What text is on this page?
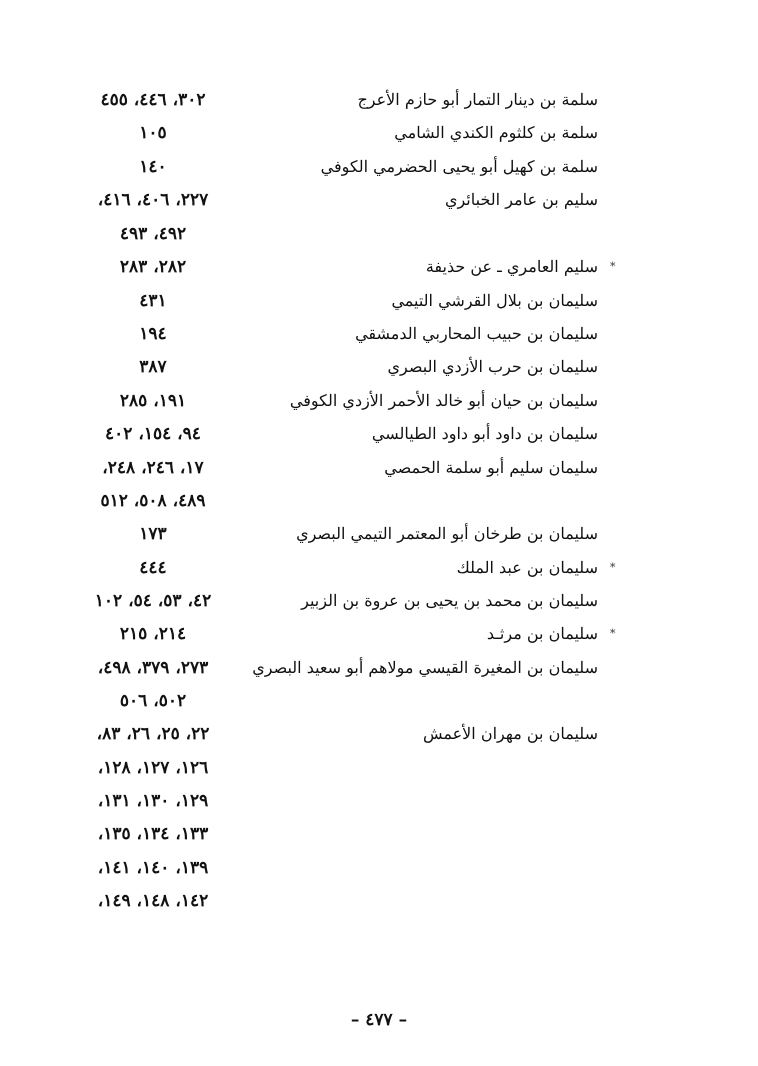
سلمة بن دينار التمار أبو حازم الأعرج
٣٠٢، ٤٤٦، ٤٥٥
سلمة بن كلثوم الكندي الشامي
١٠٥
سلمة بن كهيل أبو يحيى الحضرمي الكوفي
١٤٠
سليم بن عامر الخبائري
٢٢٧، ٤٠٦، ٤١٦،
٤٩٢، ٤٩٣
*
سليم العامري ـ عن حذيفة
٢٨٢، ٢٨٣
سليمان بن بلال القرشي التيمي
٤٣١
سليمان بن حبيب المحاربي الدمشقي
١٩٤
سليمان بن حرب الأزدي البصري
٣٨٧
سليمان بن حيان أبو خالد الأحمر الأزدي الكوفي
١٩١، ٢٨٥
سليمان بن داود أبو داود الطيالسي
٩٤، ١٥٤، ٤٠٢
سليمان سليم أبو سلمة الحمصي
١٧، ٢٤٦، ٢٤٨،
٤٨٩، ٥٠٨، ٥١٢
سليمان بن طرخان أبو المعتمر التيمي البصري
١٧٣
*
سليمان بن عبد الملك
٤٤٤
سليمان بن محمد بن يحيى بن عروة بن الزبير
٤٢، ٥٣، ٥٤، ١٠٢
*
سليمان بن مرثـد
٢١٤، ٢١٥
سليمان بن المغيرة القيسي مولاهم أبو سعيد البصري
٢٧٣، ٣٧٩، ٤٩٨،
٥٠٢، ٥٠٦
سليمان بن مهران الأعمش
٢٢، ٢٥، ٢٦، ٨٣،
١٢٦، ١٢٧، ١٢٨،
١٢٩، ١٣٠، ١٣١،
١٣٣، ١٣٤، ١٣٥،
١٣٩، ١٤٠، ١٤١،
١٤٢، ١٤٨، ١٤٩،
– ٤٧٧ –
